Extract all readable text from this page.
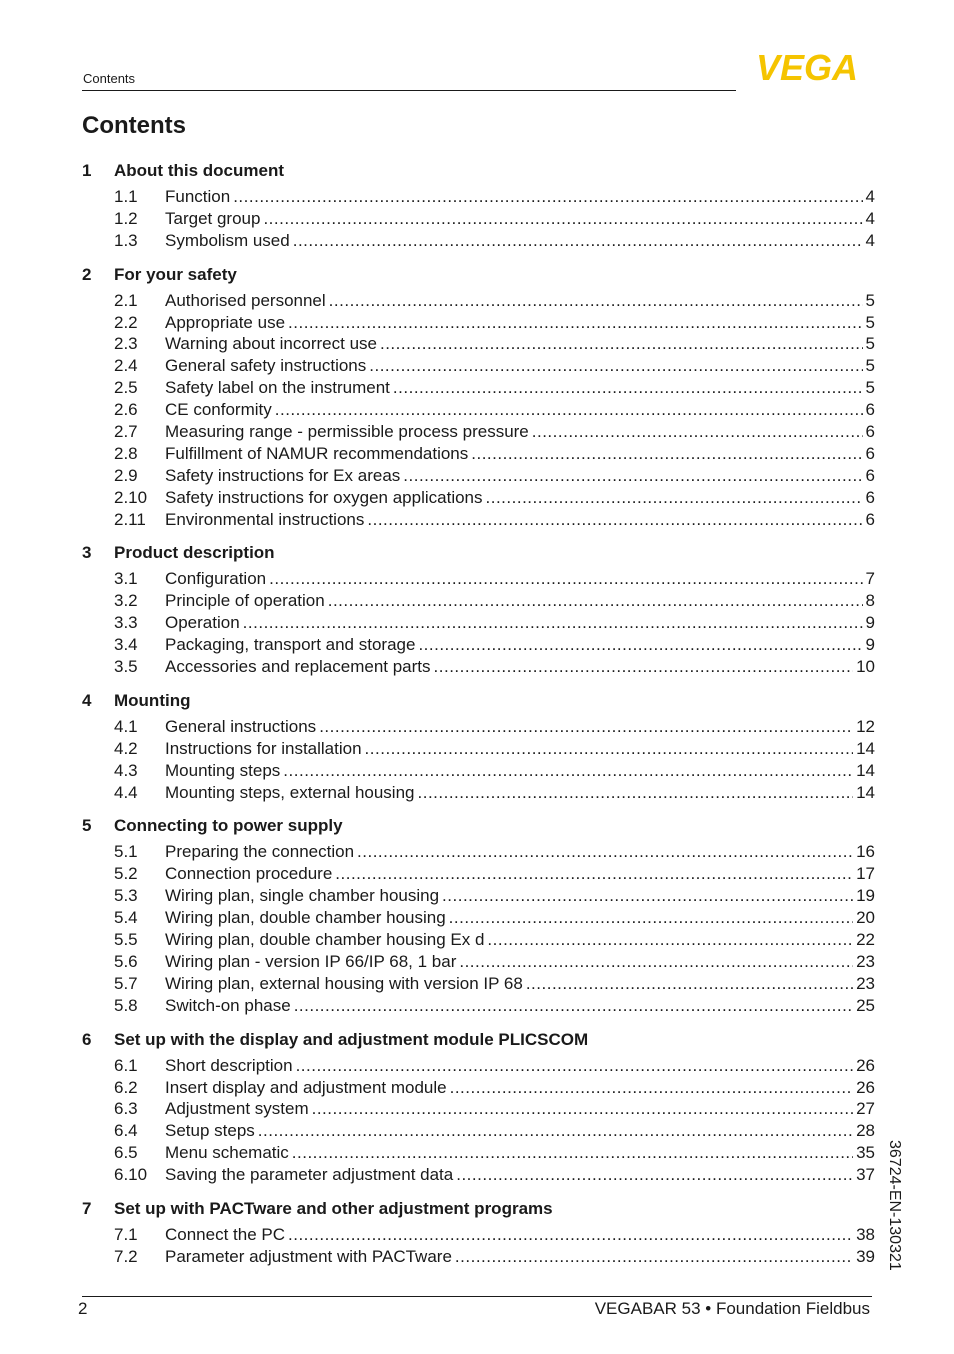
Contents	VEGA
Contents
1	About this document
1.1	Function .....	4
1.2	Target group .....	4
1.3	Symbolism used .....	4
2	For your safety
2.1	Authorised personnel .....	5
2.2	Appropriate use .....	5
2.3	Warning about incorrect use .....	5
2.4	General safety instructions .....	5
2.5	Safety label on the instrument .....	5
2.6	CE conformity .....	6
2.7	Measuring range - permissible process pressure .....	6
2.8	Fulfillment of NAMUR recommendations .....	6
2.9	Safety instructions for Ex areas .....	6
2.10	Safety instructions for oxygen applications .....	6
2.11	Environmental instructions .....	6
3	Product description
3.1	Configuration .....	7
3.2	Principle of operation .....	8
3.3	Operation .....	9
3.4	Packaging, transport and storage .....	9
3.5	Accessories and replacement parts .....	10
4	Mounting
4.1	General instructions .....	12
4.2	Instructions for installation .....	14
4.3	Mounting steps .....	14
4.4	Mounting steps, external housing .....	14
5	Connecting to power supply
5.1	Preparing the connection .....	16
5.2	Connection procedure .....	17
5.3	Wiring plan, single chamber housing .....	19
5.4	Wiring plan, double chamber housing .....	20
5.5	Wiring plan, double chamber housing Ex d .....	22
5.6	Wiring plan - version IP 66/IP 68, 1 bar .....	23
5.7	Wiring plan, external housing with version IP 68 .....	23
5.8	Switch-on phase .....	25
6	Set up with the display and adjustment module PLICSCOM
6.1	Short description .....	26
6.2	Insert display and adjustment module .....	26
6.3	Adjustment system .....	27
6.4	Setup steps .....	28
6.5	Menu schematic .....	35
6.10	Saving the parameter adjustment data .....	37
7	Set up with PACTware and other adjustment programs
7.1	Connect the PC .....	38
7.2	Parameter adjustment with PACTware .....	39 36724-EN-130321
2	VEGABAR 53 • Foundation Fieldbus
